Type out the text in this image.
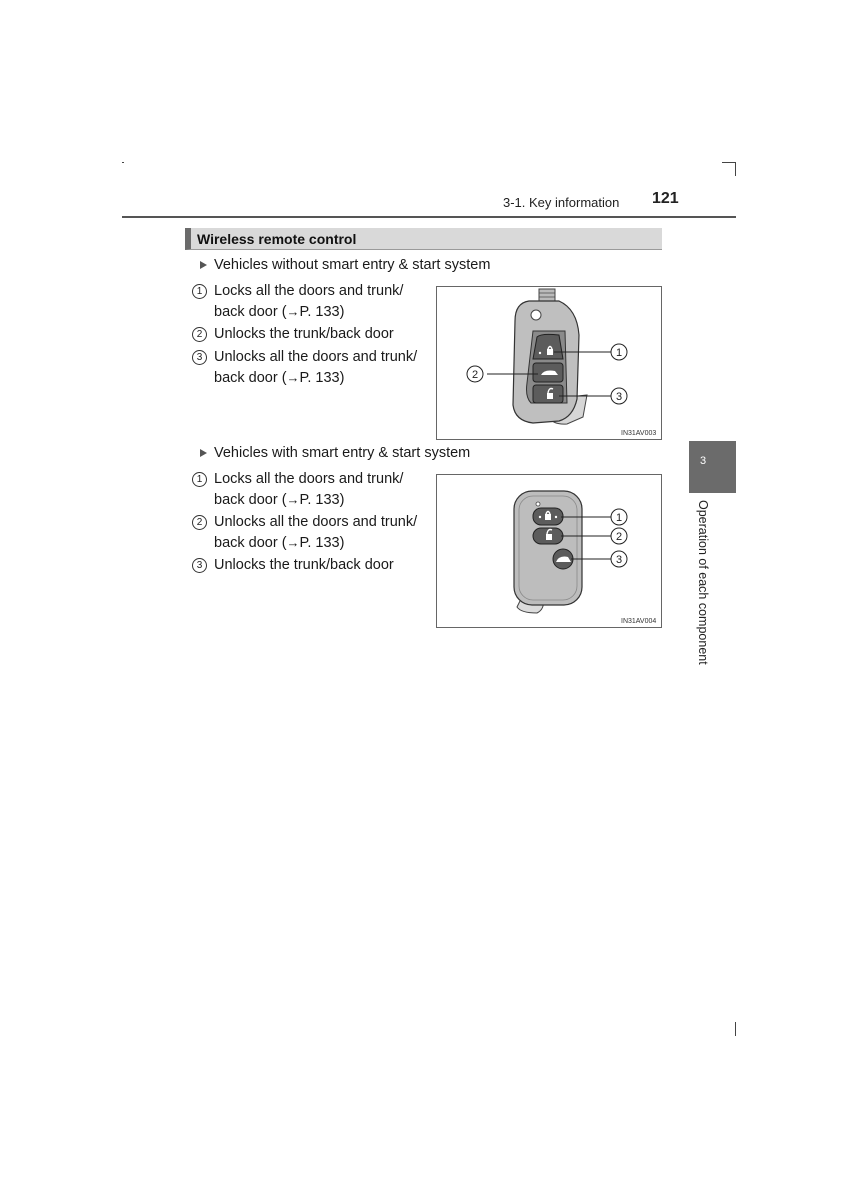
3-1. Key information 121
Wireless remote control
Vehicles without smart entry & start system
1 Locks all the doors and trunk/
back door (→P. 133)
2 Unlocks the trunk/back door
3 Unlocks all the doors and trunk/
back door (→P. 133)
1
2
3
IN31AV003
Vehicles with smart entry & start system
1 Locks all the doors and trunk/
back door (→P. 133)
2 Unlocks all the doors and trunk/
back door (→P. 133)
3 Unlocks the trunk/back door
1
2
3
IN31AV004
3
Operation of each component
